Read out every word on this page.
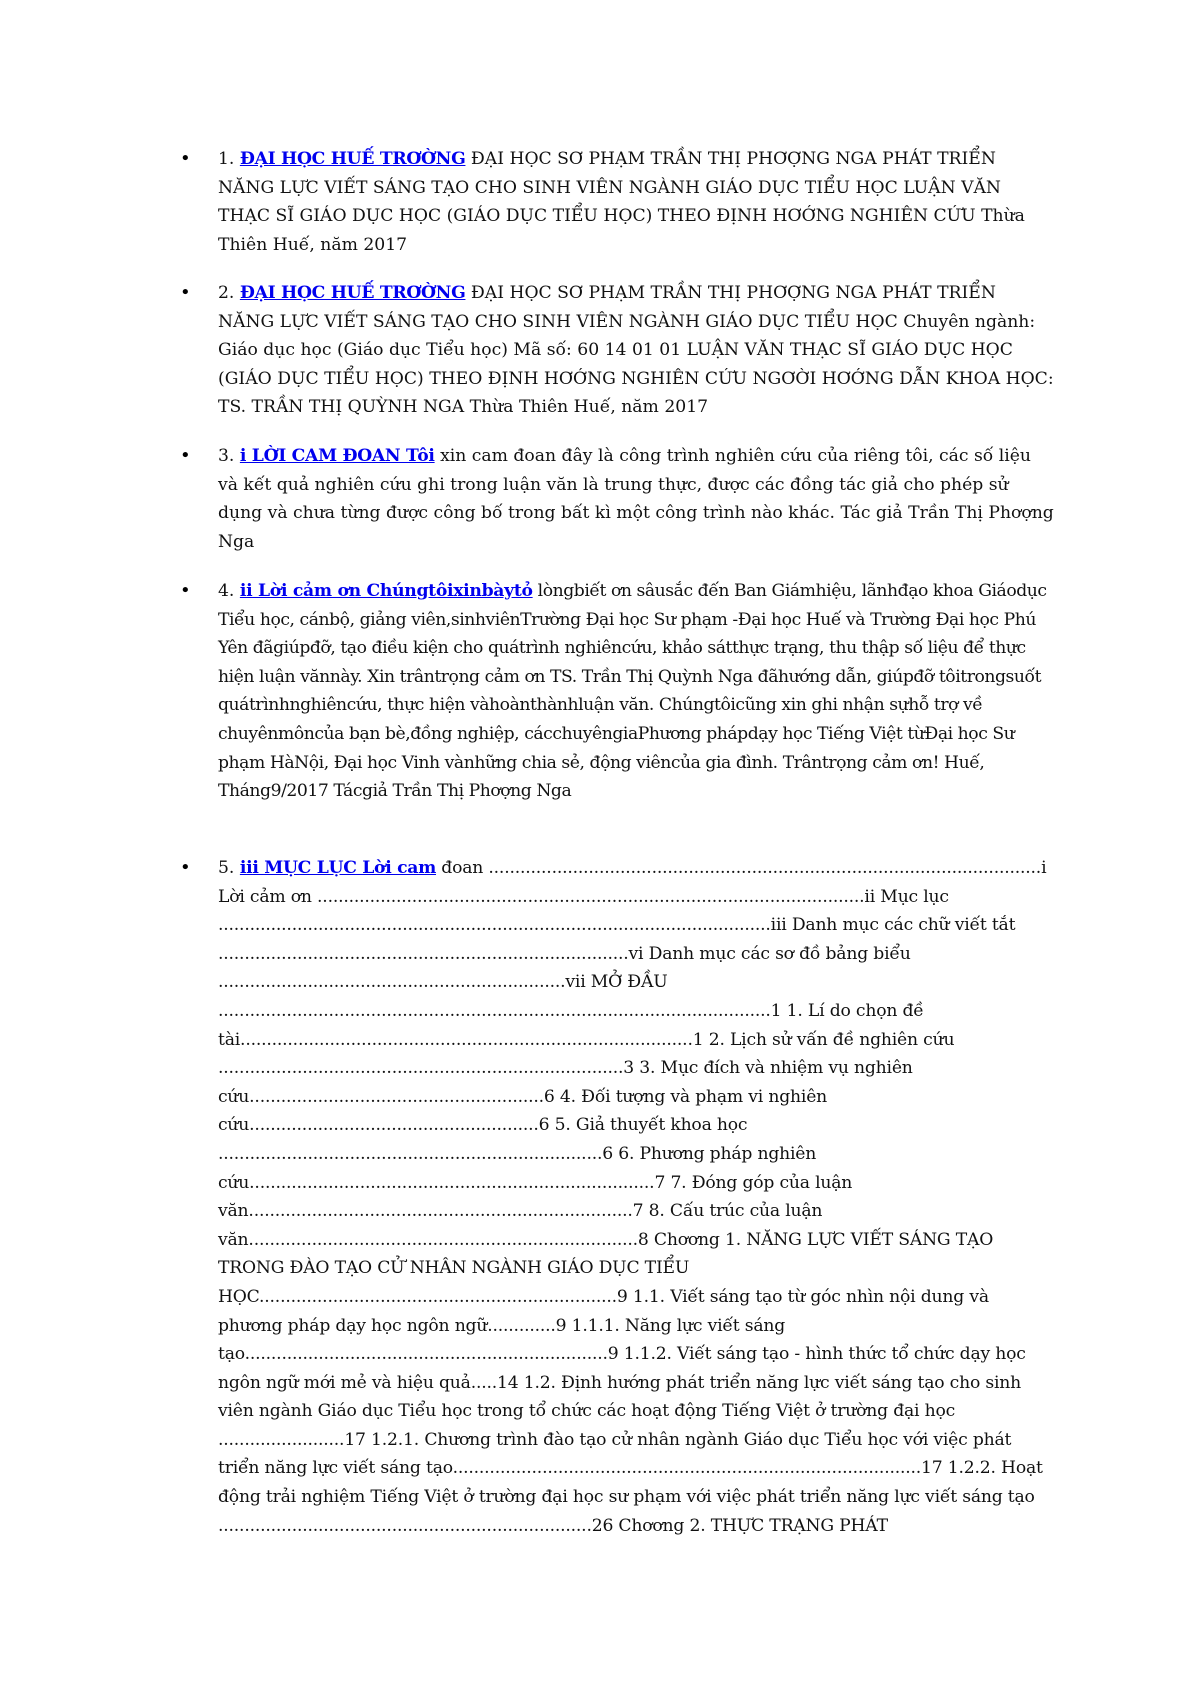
• 1. ĐẠI HỌC HUẾ TRƠỜNG ĐẠI HỌC SƠ PHẠM TRẦN THỊ PHƠỢNG NGA PHÁT TRIỂN NĂNG LỰC VIẾT SÁNG TẠO CHO SINH VIÊN NGÀNH GIÁO DỤC TIỂU HỌC LUẬN VĂN THẠC SĨ GIÁO DỤC HỌC (GIÁO DỤC TIỂU HỌC) THEO ĐỊNH HƠỚNG NGHIÊN CỨU Thừa Thiên Huế, năm 2017

• 2. ĐẠI HỌC HUẾ TRƠỜNG ĐẠI HỌC SƠ PHẠM TRẦN THỊ PHƠỢNG NGA PHÁT TRIỂN NĂNG LỰC VIẾT SÁNG TẠO CHO SINH VIÊN NGÀNH GIÁO DỤC TIỂU HỌC Chuyên ngành: Giáo dục học (Giáo dục Tiểu học) Mã số: 60 14 01 01 LUẬN VĂN THẠC SĨ GIÁO DỤC HỌC (GIÁO DỤC TIỂU HỌC) THEO ĐỊNH HƠỚNG NGHIÊN CỨU NGƠỜI HƠỚNG DẪN KHOA HỌC: TS. TRẦN THỊ QUỲNH NGA Thừa Thiên Huế, năm 2017

• 3. i LỜI CAM ĐOAN Tôi xin cam đoan đây là công trình nghiên cứu của riêng tôi, các số liệu và kết quả nghiên cứu ghi trong luận văn là trung thực, được các đồng tác giả cho phép sử dụng và chưa từng được công bố trong bất kì một công trình nào khác. Tác giả Trần Thị Phơợng Nga

• 4. ii Lời cảm ơn Chúngtôixinbàytỏ lòngbiết ơn sâusắc đến Ban Giámhiệu, lãnhđạo khoa Giáodục Tiểu học, cánbộ, giảng viên,sinhviênTrường Đại học Sư phạm -Đại học Huế và Trường Đại học Phú Yên đãgiúpđỡ, tạo điều kiện cho quátrình nghiêncứu, khảo sátthực trạng, thu thập số liệu để thực hiện luận vănnày. Xin trântrọng cảm ơn TS. Trần Thị Quỳnh Nga đãhướng dẫn, giúpđỡ tôitrongsuốt quátrìnhnghiêncứu, thực hiện vàhoànthànhluận văn. Chúngtôicũng xin ghi nhận sựhỗ trợ về chuyênmôncủa bạn bè,đồng nghiệp, cácchuyêngiaPhương phápdạy học Tiếng Việt từĐại học Sư phạm HàNội, Đại học Vinh vànhững chia sẻ, động viêncủa gia đình. Trântrọng cảm ơn! Huế, Tháng9/2017 Tácgiả Trần Thị Phơợng Nga

• 5. iii MỤC LỤC Lời cam đoan .........................................................................................................i Lời cảm ơn ........................................................................................................ii Mục lục .........................................................................................................iii Danh mục các chữ viết tắt ..............................................................................vi Danh mục các sơ đồ bảng biểu ..................................................................vii MỞ ĐẦU .........................................................................................................1 1. Lí do chọn đề tài......................................................................................1 2. Lịch sử vấn đề nghiên cứu .............................................................................3 3. Mục đích và nhiệm vụ nghiên cứu........................................................6 4. Đối tượng và phạm vi nghiên cứu.......................................................6 5. Giả thuyết khoa học .........................................................................6 6. Phương pháp nghiên cứu.............................................................................7 7. Đóng góp của luận văn.........................................................................7 8. Cấu trúc của luận văn..........................................................................8 Chơơng 1. NĂNG LỰC VIẾT SÁNG TẠO TRONG ĐÀO TẠO CỬ NHÂN NGÀNH GIÁO DỤC TIỂU HỌC....................................................................9 1.1. Viết sáng tạo từ góc nhìn nội dung và phương pháp dạy học ngôn ngữ.............9 1.1.1. Năng lực viết sáng tạo.....................................................................9 1.1.2. Viết sáng tạo - hình thức tổ chức dạy học ngôn ngữ mới mẻ và hiệu quả.....14 1.2. Định hướng phát triển năng lực viết sáng tạo cho sinh viên ngành Giáo dục Tiểu học trong tổ chức các hoạt động Tiếng Việt ở trường đại học ........................17 1.2.1. Chương trình đào tạo cử nhân ngành Giáo dục Tiểu học với việc phát triển năng lực viết sáng tạo.........................................................................................17 1.2.2. Hoạt động trải nghiệm Tiếng Việt ở trường đại học sư phạm với việc phát triển năng lực viết sáng tạo .......................................................................26 Chơơng 2. THỰC TRẠNG PHÁT
